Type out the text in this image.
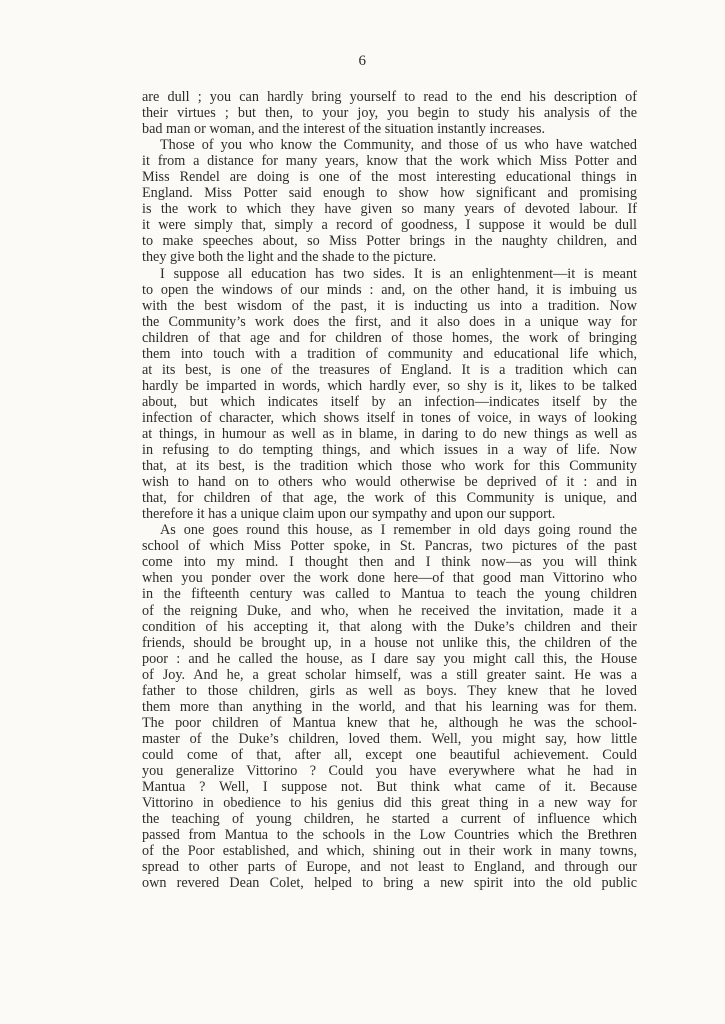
6
are dull ; you can hardly bring yourself to read to the end his description of
their virtues ; but then, to your joy, you begin to study his analysis of the
bad man or woman, and the interest of the situation instantly increases.
Those of you who know the Community, and those of us who have watched
it from a distance for many years, know that the work which Miss Potter and
Miss Rendel are doing is one of the most interesting educational things in
England. Miss Potter said enough to show how significant and promising
is the work to which they have given so many years of devoted labour. If
it were simply that, simply a record of goodness, I suppose it would be dull
to make speeches about, so Miss Potter brings in the naughty children, and
they give both the light and the shade to the picture.
I suppose all education has two sides. It is an enlightenment—it is meant
to open the windows of our minds : and, on the other hand, it is imbuing us
with the best wisdom of the past, it is inducting us into a tradition. Now
the Community’s work does the first, and it also does in a unique way for
children of that age and for children of those homes, the work of bringing
them into touch with a tradition of community and educational life which,
at its best, is one of the treasures of England. It is a tradition which can
hardly be imparted in words, which hardly ever, so shy is it, likes to be talked
about, but which indicates itself by an infection—indicates itself by the
infection of character, which shows itself in tones of voice, in ways of looking
at things, in humour as well as in blame, in daring to do new things as well as
in refusing to do tempting things, and which issues in a way of life. Now
that, at its best, is the tradition which those who work for this Community
wish to hand on to others who would otherwise be deprived of it : and in
that, for children of that age, the work of this Community is unique, and
therefore it has a unique claim upon our sympathy and upon our support.
As one goes round this house, as I remember in old days going round the
school of which Miss Potter spoke, in St. Pancras, two pictures of the past
come into my mind. I thought then and I think now—as you will think
when you ponder over the work done here—of that good man Vittorino who
in the fifteenth century was called to Mantua to teach the young children
of the reigning Duke, and who, when he received the invitation, made it a
condition of his accepting it, that along with the Duke’s children and their
friends, should be brought up, in a house not unlike this, the children of the
poor : and he called the house, as I dare say you might call this, the House
of Joy. And he, a great scholar himself, was a still greater saint. He was a
father to those children, girls as well as boys. They knew that he loved
them more than anything in the world, and that his learning was for them.
The poor children of Mantua knew that he, although he was the school-
master of the Duke’s children, loved them. Well, you might say, how little
could come of that, after all, except one beautiful achievement. Could
you generalize Vittorino ? Could you have everywhere what he had in
Mantua ? Well, I suppose not. But think what came of it. Because
Vittorino in obedience to his genius did this great thing in a new way for
the teaching of young children, he started a current of influence which
passed from Mantua to the schools in the Low Countries which the Brethren
of the Poor established, and which, shining out in their work in many towns,
spread to other parts of Europe, and not least to England, and through our
own revered Dean Colet, helped to bring a new spirit into the old public
